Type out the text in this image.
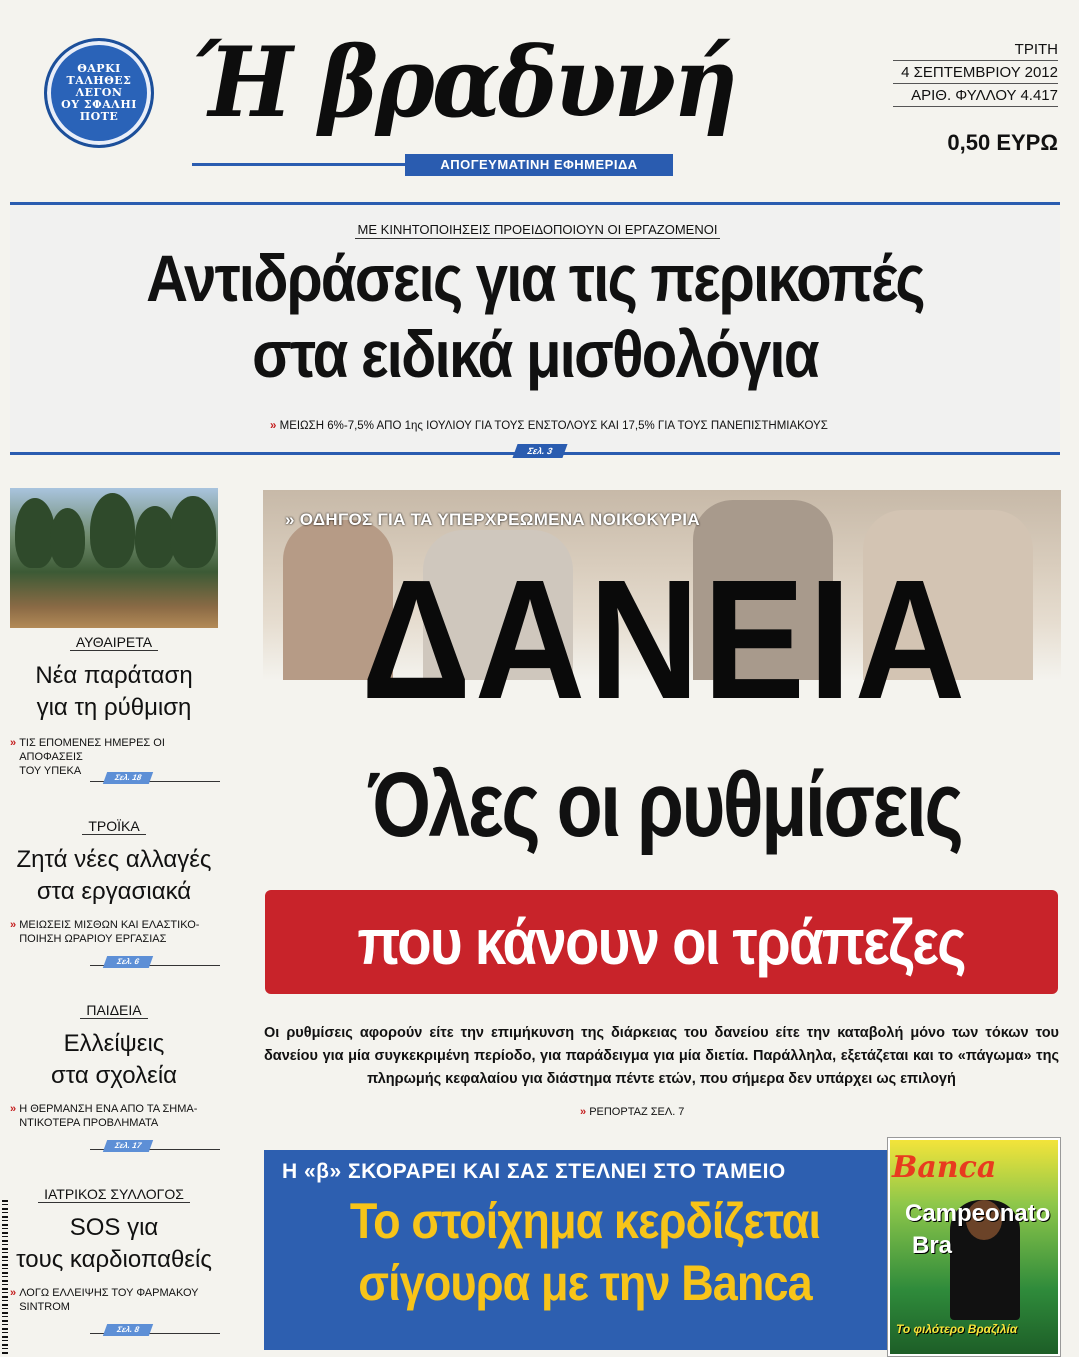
ΘΑΡΚΙ
ΤΑΛΗΘΕΣ
ΛΕΓΟΝ
ΟΥ ΣΦΑΛΗΙ
ΠΟΤΕ Ή βραδυνή
ΑΠΟΓΕΥΜΑΤΙΝΗ ΕΦΗΜΕΡΙΔΑ
ΤΡΙΤΗ
4 ΣΕΠΤΕΜΒΡΙΟΥ 2012
ΑΡΙΘ. ΦΥΛΛΟΥ 4.417
0,50 ΕΥΡΩ
ΜΕ ΚΙΝΗΤΟΠΟΙΗΣΕΙΣ ΠΡΟΕΙΔΟΠΟΙΟΥΝ ΟΙ ΕΡΓΑΖΟΜΕΝΟΙ
Αντιδράσεις για τις περικοπές
στα ειδικά μισθολόγια
» ΜΕΙΩΣΗ 6%-7,5% ΑΠΟ 1ης ΙΟΥΛΙΟΥ ΓΙΑ ΤΟΥΣ ΕΝΣΤΟΛΟΥΣ ΚΑΙ 17,5% ΓΙΑ ΤΟΥΣ ΠΑΝΕΠΙΣΤΗΜΙΑΚΟΥΣ
Σελ. 3
ΑΥΘΑΙΡΕΤΑ
Νέα παράταση
για τη ρύθμιση
» ΤΙΣ ΕΠΟΜΕΝΕΣ ΗΜΕΡΕΣ ΟΙ ΑΠΟΦΑΣΕΙΣ
ΤΟΥ ΥΠΕΚΑ
Σελ. 18
ΤΡΟΪΚΑ
Ζητά νέες αλλαγές
στα εργασιακά
» ΜΕΙΩΣΕΙΣ ΜΙΣΘΩΝ ΚΑΙ ΕΛΑΣΤΙΚΟ-
ΠΟΙΗΣΗ ΩΡΑΡΙΟΥ ΕΡΓΑΣΙΑΣ
Σελ. 6
ΠΑΙΔΕΙΑ
Ελλείψεις
στα σχολεία
» Η ΘΕΡΜΑΝΣΗ ΕΝΑ ΑΠΟ ΤΑ ΣΗΜΑ-
ΝΤΙΚΟΤΕΡΑ ΠΡΟΒΛΗΜΑΤΑ
Σελ. 17
ΙΑΤΡΙΚΟΣ ΣΥΛΛΟΓΟΣ
SOS για
τους καρδιοπαθείς
» ΛΟΓΩ ΕΛΛΕΙΨΗΣ ΤΟΥ ΦΑΡΜΑΚΟΥ
SINTROM
Σελ. 8
» ΟΔΗΓΟΣ ΓΙΑ ΤΑ ΥΠΕΡΧΡΕΩΜΕΝΑ ΝΟΙΚΟΚΥΡΙΑ
ΔΑΝΕΙΑ
Όλες οι ρυθμίσεις
που κάνουν οι τράπεζες
Οι ρυθμίσεις αφορούν είτε την επιμήκυνση της διάρκειας του δανείου είτε την καταβολή μόνο των τόκων του δανείου για μία συγκεκριμένη περίοδο, για παράδειγμα για μία διετία. Παράλληλα, εξετάζεται και το «πάγωμα» της πληρωμής κεφαλαίου για διάστημα πέντε ετών, που σήμερα δεν υπάρχει ως επιλογή
» ΡΕΠΟΡΤΑΖ ΣΕΛ. 7
Η «β» ΣΚΟΡΑΡΕΙ ΚΑΙ ΣΑΣ ΣΤΕΛΝΕΙ ΣΤΟ ΤΑΜΕΙΟ
Το στοίχημα κερδίζεται
σίγουρα με την Banca
Banca
Campeonato
Bra
Το φιλότερο Βραζιλία
